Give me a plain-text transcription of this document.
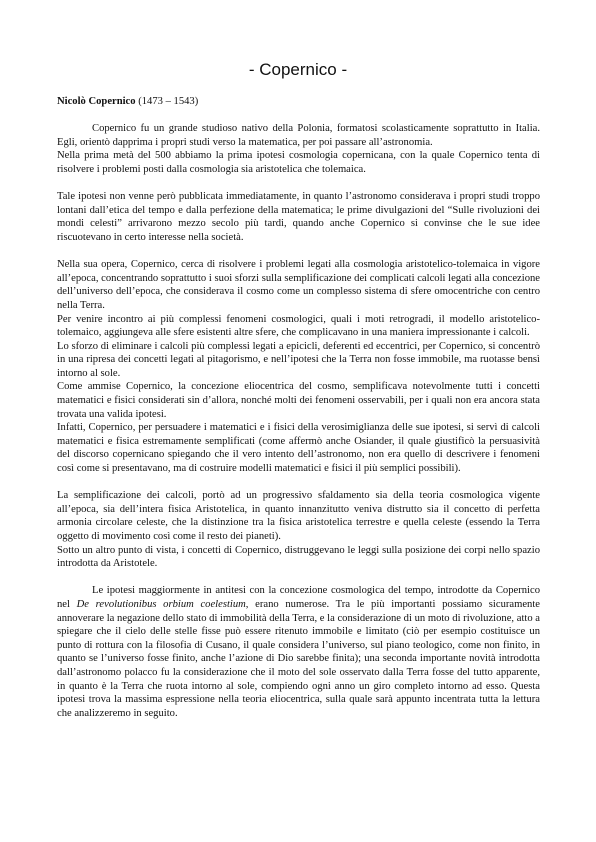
- Copernico -

Nicolò Copernico (1473 – 1543)

Copernico fu un grande studioso nativo della Polonia, formatosi scolasticamente soprattutto in Italia. Egli, orientò dapprima i propri studi verso la matematica, per poi passare all’astronomia.

Nella prima metà del 500 abbiamo la prima ipotesi cosmologia copernicana, con la quale Copernico tenta di risolvere i problemi posti dalla cosmologia sia aristotelica che tolemaica.

Tale ipotesi non venne però pubblicata immediatamente, in quanto l’astronomo considerava i propri studi troppo lontani dall’etica del tempo e dalla perfezione della matematica; le prime divulgazioni del “Sulle rivoluzioni dei mondi celesti” arrivarono mezzo secolo più tardi, quando anche Copernico si convinse che le sue idee riscuotevano in certo interesse nella società.

Nella sua opera, Copernico, cerca di risolvere i problemi legati alla cosmologia aristotelico-tolemaica in vigore all’epoca, concentrando soprattutto i suoi sforzi sulla semplificazione dei complicati calcoli legati alla concezione dell’universo dell’epoca, che considerava il cosmo come un complesso sistema di sfere omocentriche con centro nella Terra.

Per venire incontro ai più complessi fenomeni cosmologici, quali i moti retrogradi, il modello aristotelico-tolemaico, aggiungeva alle sfere esistenti altre sfere, che complicavano in una maniera impressionante i calcoli.

Lo sforzo di eliminare i calcoli più complessi legati a epicicli, deferenti ed eccentrici, per Copernico, si concentrò in una ripresa dei concetti legati al pitagorismo, e nell’ipotesi che la Terra non fosse immobile, ma ruotasse bensì intorno al sole.

Come ammise Copernico, la concezione eliocentrica del cosmo, semplificava notevolmente tutti i concetti matematici e fisici considerati sin d’allora, nonché molti dei fenomeni osservabili, per i quali non era ancora stata trovata una valida ipotesi.

Infatti, Copernico, per persuadere i matematici e i fisici della verosimiglianza delle sue ipotesi, si servì di calcoli matematici e fisica estremamente semplificati (come affermò anche Osiander, il quale giustificò la persuasività del discorso copernicano spiegando che il vero intento dell’astronomo, non era quello di descrivere i fenomeni così come si presentavano, ma di costruire modelli matematici e fisici il più semplici possibili).

La semplificazione dei calcoli, portò ad un progressivo sfaldamento sia della teoria cosmologica vigente all’epoca, sia dell’intera fisica Aristotelica, in quanto innanzitutto veniva distrutto sia il concetto di perfetta armonia circolare celeste, che la distinzione tra la fisica aristotelica terrestre e quella celeste (essendo la Terra oggetto di movimento così come il resto dei pianeti).

Sotto un altro punto di vista, i concetti di Copernico, distruggevano le leggi sulla posizione dei corpi nello spazio introdotta da Aristotele.

Le ipotesi maggiormente in antitesi con la concezione cosmologica del tempo, introdotte da Copernico nel De revolutionibus orbium coelestium, erano numerose. Tra le più importanti possiamo sicuramente annoverare la negazione dello stato di immobilità della Terra, e la considerazione di un moto di rivoluzione, atto a spiegare che il cielo delle stelle fisse può essere ritenuto immobile e limitato (ciò per esempio costituisce un punto di rottura con la filosofia di Cusano, il quale considera l’universo, sul piano teologico, come non finito, in quanto se l’universo fosse finito, anche l’azione di Dio sarebbe finita); una seconda importante novità introdotta dall’astronomo polacco fu la considerazione che il moto del sole osservato dalla Terra fosse del tutto apparente, in quanto è la Terra che ruota intorno al sole, compiendo ogni anno un giro completo intorno ad esso. Questa ipotesi trova la massima espressione nella teoria eliocentrica, sulla quale sarà appunto incentrata tutta la lettura che analizzeremo in seguito.
